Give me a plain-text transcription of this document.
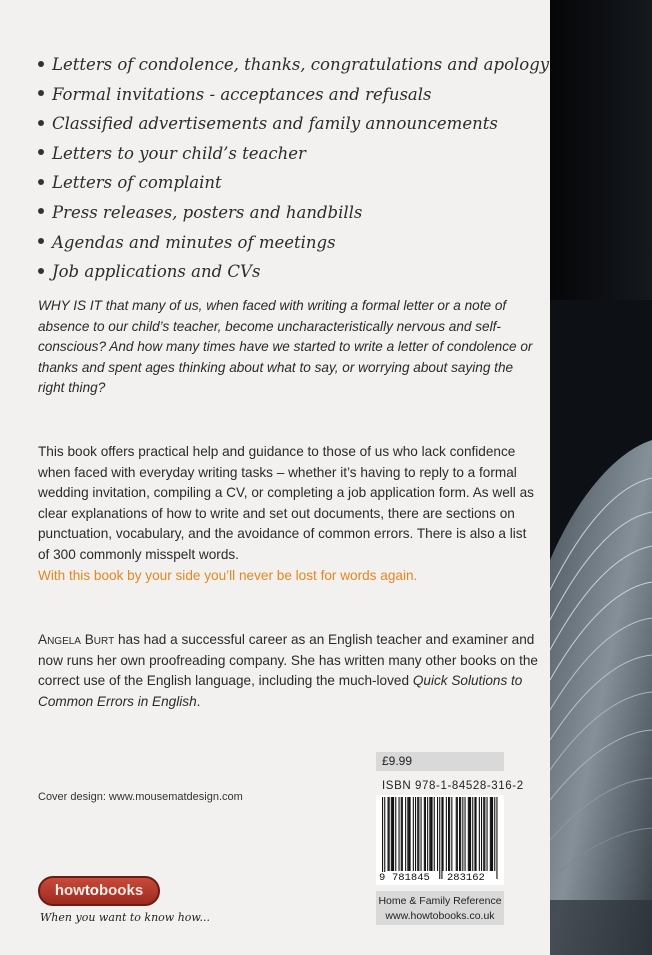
Letters of condolence, thanks, congratulations and apology
Formal invitations - acceptances and refusals
Classified advertisements and family announcements
Letters to your child’s teacher
Letters of complaint
Press releases, posters and handbills
Agendas and minutes of meetings
Job applications and CVs

WHY IS IT that many of us, when faced with writing a formal letter or a note of absence to our child’s teacher, become uncharacteristically nervous and self-conscious? And how many times have we started to write a letter of condolence or thanks and spent ages thinking about what to say, or worrying about saying the right thing?

This book offers practical help and guidance to those of us who lack confidence when faced with everyday writing tasks – whether it’s having to reply to a formal wedding invitation, compiling a CV, or completing a job application form. As well as clear explanations of how to write and set out documents, there are sections on punctuation, vocabulary, and the avoidance of common errors. There is also a list of 300 commonly misspelt words.

With this book by your side you’ll never be lost for words again.

Angela Burt has had a successful career as an English teacher and examiner and now runs her own proofreading company. She has written many other books on the correct use of the English language, including the much-loved Quick Solutions to Common Errors in English.

Cover design: www.mousematdesign.com
£9.99
ISBN 978-1-84528-316-2
9 781845 283162
Home & Family Reference
www.howtobooks.co.uk
howtobooks
When you want to know how...
